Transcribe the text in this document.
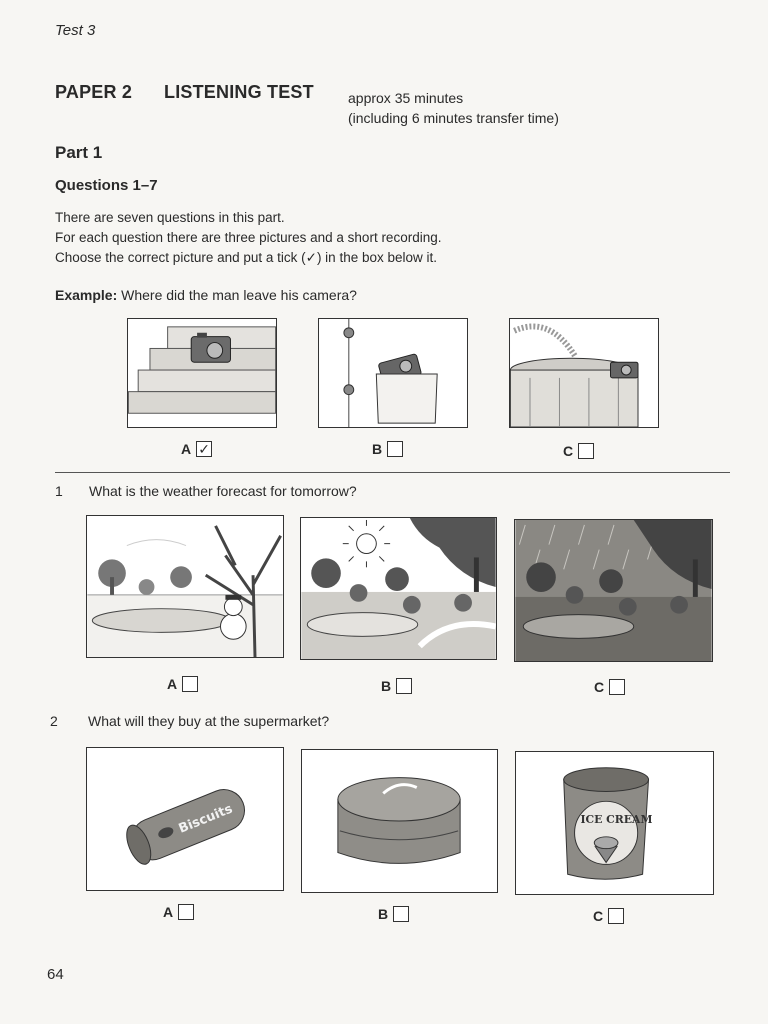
Test 3
PAPER 2 LISTENING TEST approx 35 minutes
(including 6 minutes transfer time)
Part 1
Questions 1–7
There are seven questions in this part.
For each question there are three pictures and a short recording.
Choose the correct picture and put a tick (✓) in the box below it.
Example: Where did the man leave his camera?
A ✓	B	C
1 What is the weather forecast for tomorrow?
A	B	C
2 What will they buy at the supermarket?
Biscuits	ICE CREAM
A	B	C
64
